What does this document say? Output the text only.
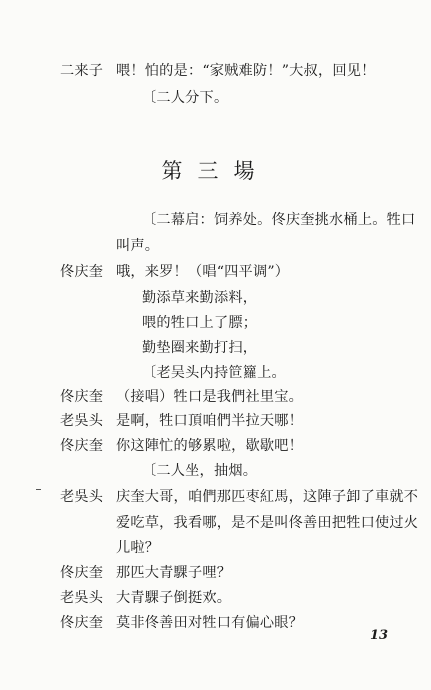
二来子 喂！怕的是：“家贼难防！”大叔，回见！
〔二人分下。
第三場
〔二幕启：饲养处。佟庆奎挑水桶上。牲口
叫声。
佟庆奎 哦，来罗！（唱“四平调”）
勤添草来勤添料，
喂的牲口上了膘；
勤垫圈来勤打扫，
〔老吴头内持笸籮上。
佟庆奎 （接唱）牲口是我們社里宝。
老吳头 是啊，牲口頂咱們半拉天哪！
佟庆奎 你这陣忙的够累啦，歇歇吧！
〔二人坐，抽烟。
老吳头 庆奎大哥，咱們那匹枣紅馬，这陣子卸了車就不
爱吃草，我看哪，是不是叫佟善田把牲口使过火
儿啦？
佟庆奎 那匹大青騍子哩？
老吳头 大青騍子倒挺欢。
佟庆奎 莫非佟善田对牲口有偏心眼？
13
